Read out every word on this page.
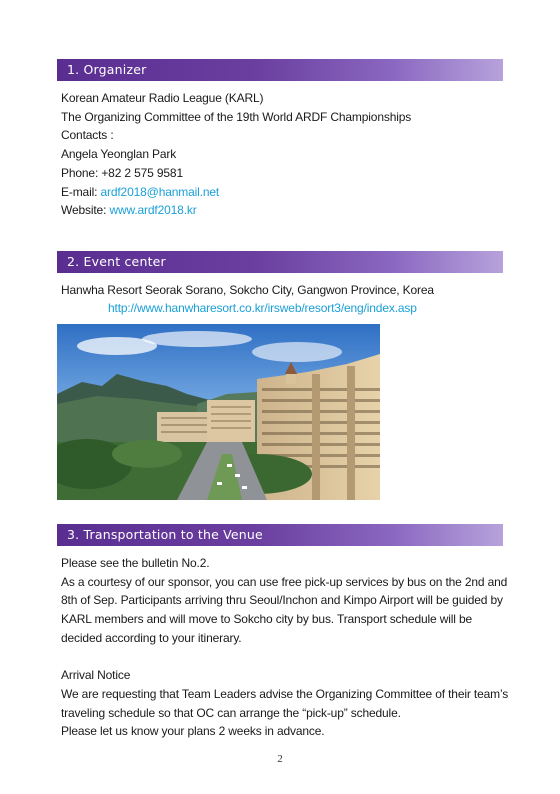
1. Organizer
Korean Amateur Radio League (KARL)
The Organizing Committee of the 19th World ARDF Championships
Contacts :
Angela Yeonglan Park
Phone: +82 2 575 9581
E-mail: ardf2018@hanmail.net
Website: www.ardf2018.kr
2. Event center
Hanwha Resort Seorak Sorano, Sokcho City, Gangwon Province, Korea
http://www.hanwharesort.co.kr/irsweb/resort3/eng/index.asp
3. Transportation to the Venue
Please see the bulletin No.2.
As a courtesy of our sponsor, you can use free pick-up services by bus on the 2nd and 8th of Sep. Participants arriving thru Seoul/Inchon and Kimpo Airport will be guided by KARL members and will move to Sokcho city by bus. Transport schedule will be decided according to your itinerary.
Arrival Notice
We are requesting that Team Leaders advise the Organizing Committee of their team’s traveling schedule so that OC can arrange the “pick-up” schedule.
Please let us know your plans 2 weeks in advance.
2
